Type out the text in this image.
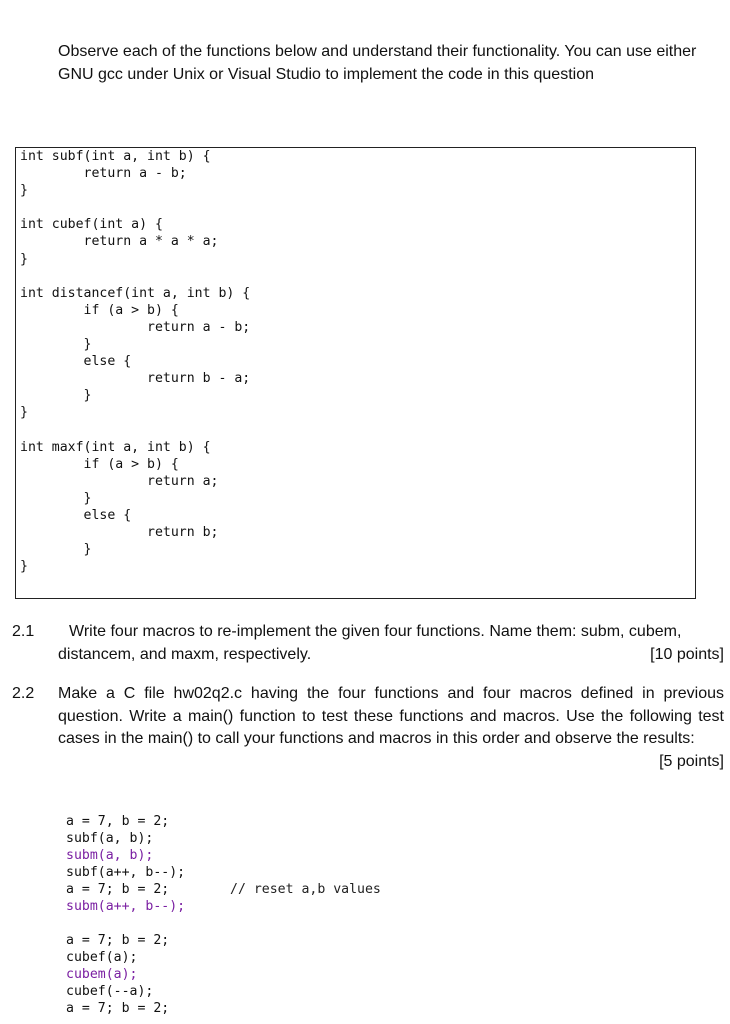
Observe each of the functions below and understand their functionality. You can use either GNU gcc under Unix or Visual Studio to implement the code in this question

int subf(int a, int b) {
return a - b;
}

int cubef(int a) {
return a * a * a;
}

int distancef(int a, int b) {
if (a > b) {
return a - b;
}
else {
return b - a;
}
}

int maxf(int a, int b) {
if (a > b) {
return a;
}
else {
return b;
}
}
2.1	Write four macros to re-implement the given four functions. Name them: subm, cubem, distancem, and maxm, respectively.	[10 points]

2.2 Make a C file hw02q2.c having the four functions and four macros defined in previous question. Write a main() function to test these functions and macros. Use the following test cases in the main() to call your functions and macros in this order and observe the results:
[5 points]

a = 7, b = 2;
subf(a, b);
subm(a, b);
subf(a++, b--);
a = 7; b = 2;	// reset a,b values

subm(a++, b--);

a = 7; b = 2;
cubef(a);
cubem(a);
cubef(--a);
a = 7; b = 2;
